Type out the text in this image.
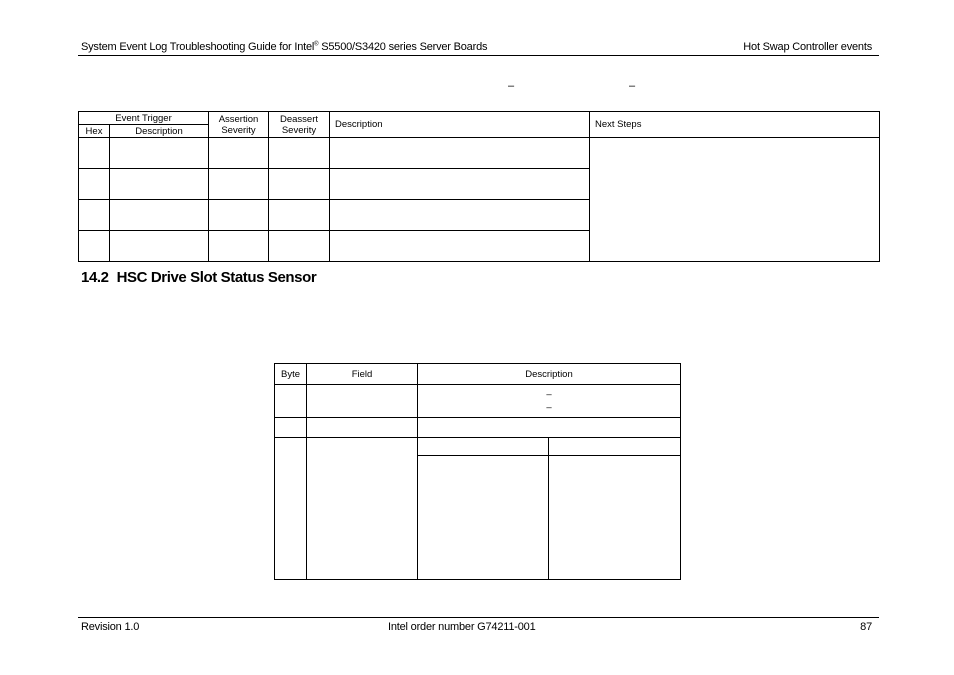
System Event Log Troubleshooting Guide for Intel® S5500/S3420 series Server Boards	Hot Swap Controller events
–	–
Event Trigger		Assertion Severity	Deassert Severity	Description	Next Steps
Hex	Description				

14.2 HSC Drive Slot Status Sensor
Byte	Field	Description	

		–
–	

Revision 1.0	Intel order number G74211-001	87
